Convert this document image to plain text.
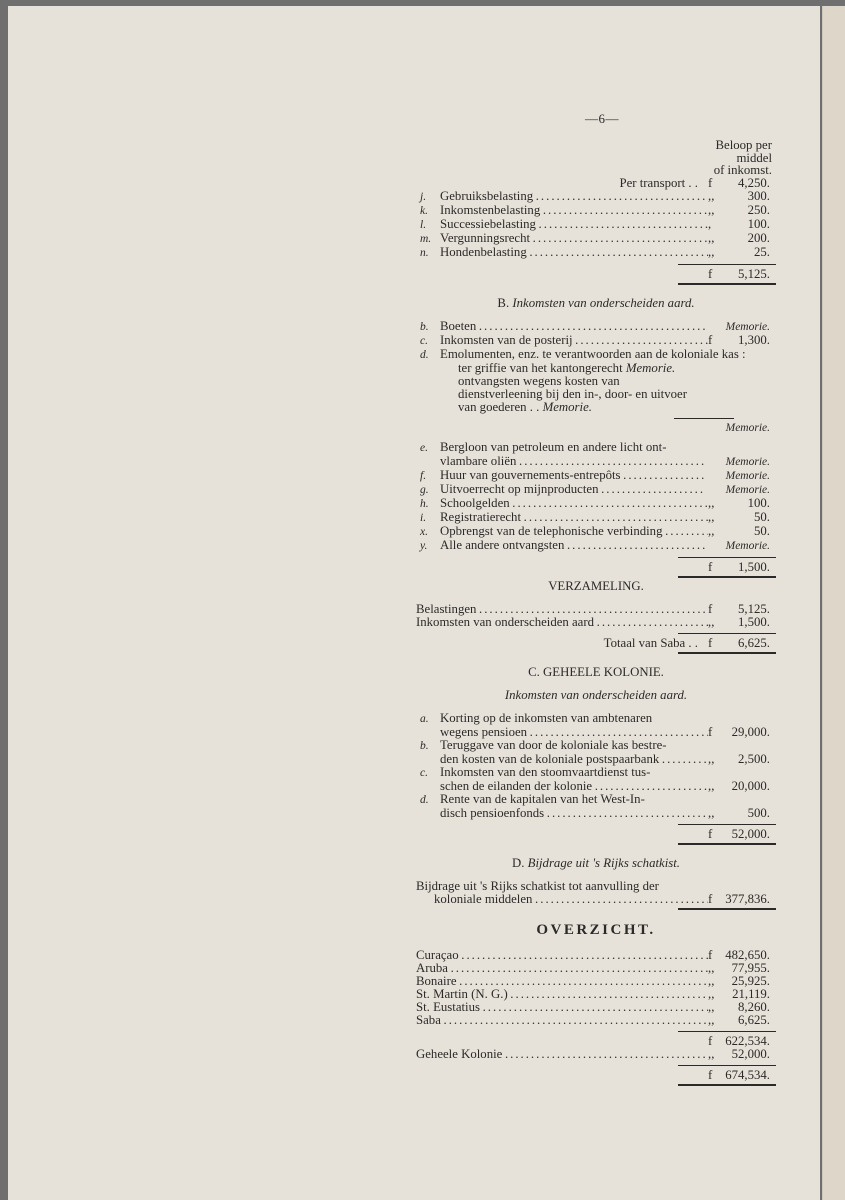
—6—
Beloop per
middel
of inkomst.
Per transport . . f	4,250.
j.	Gebruiksbelasting . . .	,,	300.
k. Inkomstenbelasting . . .	,,	250.
l.	Successiebelasting . . .	,	100.
m. Vergunningsrecht . . .	,,	200.
n. Hondenbelasting . . .	,,	25.
f	5,125.
B. Inkomsten van onderscheiden aard.
b. Boeten . . .	Memorie.
c. Inkomsten van de posterij . . .	f	1,300.
d. Emolumenten, enz. te verantwoorden aan de koloniale kas :
ter griffie van het kantongerecht Memorie.
ontvangsten wegens kosten van dienstverleening bij den in-, door- en uitvoer van goederen . . Memorie.
Memorie.
e. Bergloon van petroleum en andere licht ont-
vlambare oliën . . .	Memorie.
f.	Huur van gouvernements-entrepôts . . .	Memorie.
g. Uitvoerrecht op mijnproducten . . .	Memorie.
h. Schoolgelden . . .	,,	100.
i.	Registratierecht . . .	,,	50.
x. Opbrengst van de telephonische verbinding . . .	,,	50.
y. Alle andere ontvangsten . . .	Memorie.
f	1,500.
VERZAMELING.
Belastingen . . .	f	5,125.
Inkomsten van onderscheiden aard . . .	,,	1,500.
Totaal van Saba . . f	6,625.
C. GEHEELE KOLONIE.
Inkomsten van onderscheiden aard.
a. Korting op de inkomsten van ambtenaren
wegens pensioen . . .	f	29,000.
b. Teruggave van door de koloniale kas bestre-
den kosten van de koloniale postspaarbank . . .	,,	2,500.
c. Inkomsten van den stoomvaartdienst tus-
schen de eilanden der kolonie . . .	,,	20,000.
d. Rente van de kapitalen van het West-In-
disch pensioenfonds . . .	,,	500.
f	52,000.
D. Bijdrage uit 's Rijks schatkist.
Bijdrage uit 's Rijks schatkist tot aanvulling der
koloniale middelen . . .	f	377,836.
OVERZICHT.
Curaçao . . .	f	482,650.
Aruba . . .	,,	77,955.
Bonaire . . .	,,	25,925.
St. Martin (N. G.) . . .	,,	21,119.
St. Eustatius . . .	,,	8,260.
Saba . . .	,,	6,625.
f	622,534.
Geheele Kolonie . . .	,,	52,000.
f	674,534.
